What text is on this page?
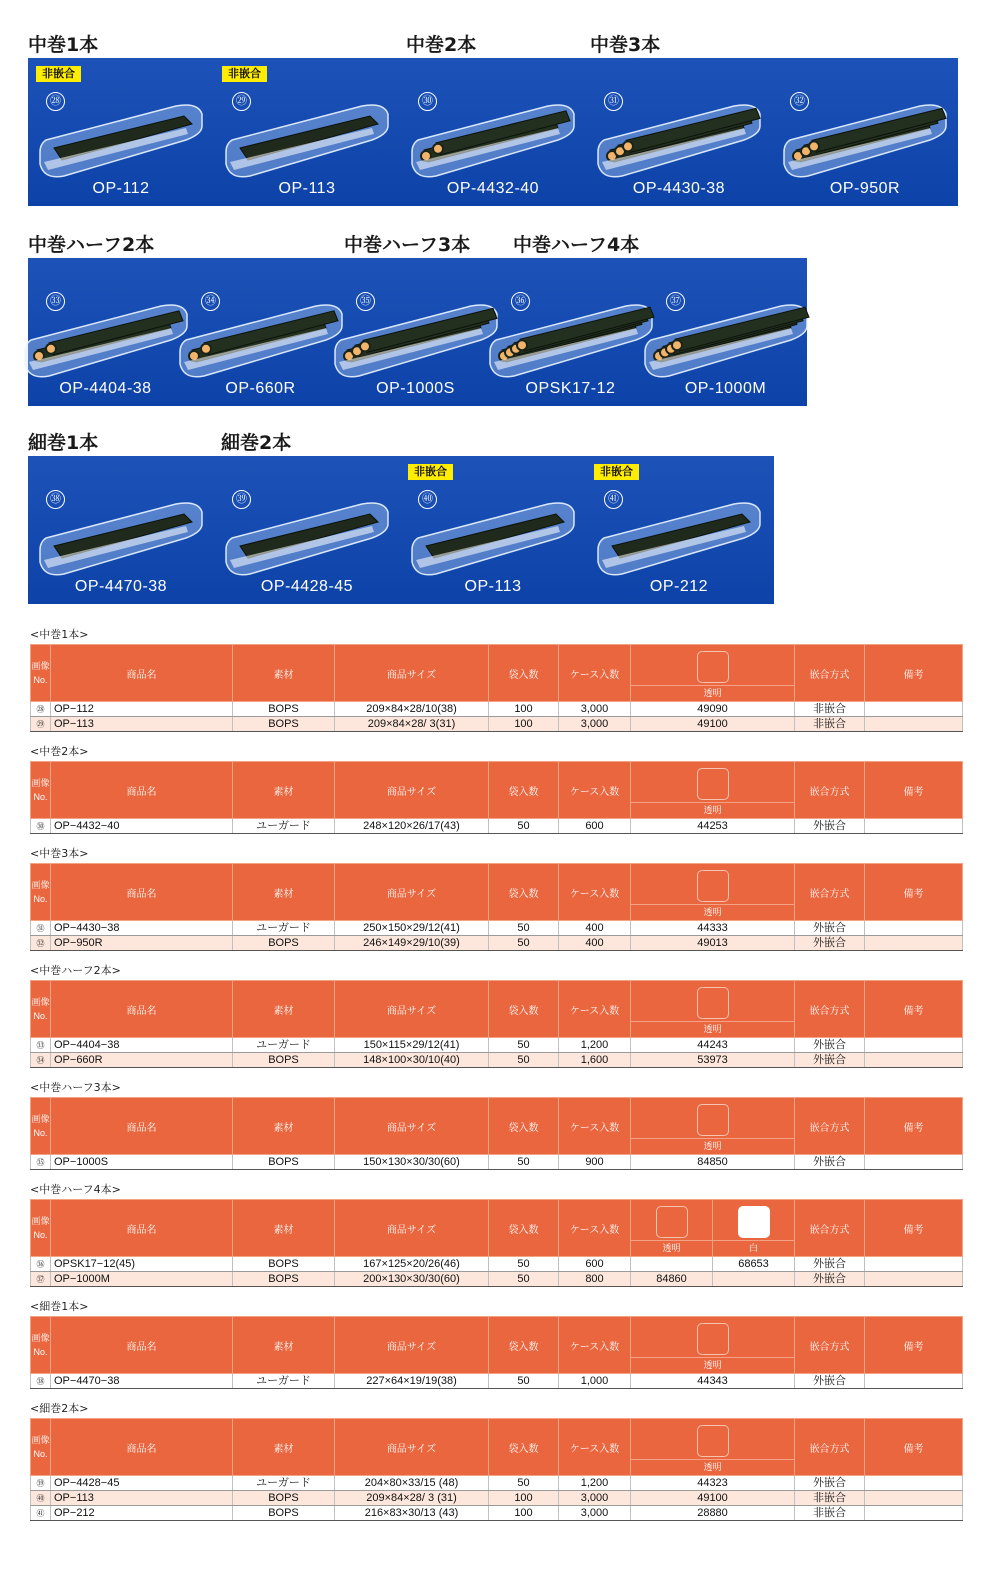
中巻1本	中巻2本	中巻3本
非嵌合
㉘
OP-112
非嵌合
㉙
OP-113
㉚
OP-4432-40
㉛
OP-4430-38
㉜
OP-950R
中巻ハーフ2本	中巻ハーフ3本 中巻ハーフ4本
㉝
OP-4404-38
㉞
OP-660R
㉟
OP-1000S
㊱
OPSK17-12
㊲
OP-1000M
細巻1本	細巻2本
㊳
OP-4470-38
㊴
OP-4428-45
非嵌合
㊵
OP-113
非嵌合
㊶
OP-212
<中巻1本>
画像
No.	商品名	素材	商品サイズ	袋入数	ケース入数	透明	嵌合方式	備考
㉘	OP−112	BOPS	209×84×28/10(38)	100	3,000	49090	非嵌合	
㉙	OP−113	BOPS	209×84×28/ 3(31)	100	3,000	49100	非嵌合	
<中巻2本>
画像
No.	商品名	素材	商品サイズ	袋入数	ケース入数	透明	嵌合方式	備考
㉚	OP−4432−40	ユーガード	248×120×26/17(43)	50	600	44253	外嵌合	
<中巻3本>
画像
No.	商品名	素材	商品サイズ	袋入数	ケース入数	透明	嵌合方式	備考
㉛	OP−4430−38	ユーガード	250×150×29/12(41)	50	400	44333	外嵌合	
㉜	OP−950R	BOPS	246×149×29/10(39)	50	400	49013	外嵌合	
<中巻ハーフ2本>
画像
No.	商品名	素材	商品サイズ	袋入数	ケース入数	透明	嵌合方式	備考
㉝	OP−4404−38	ユーガード	150×115×29/12(41)	50	1,200	44243	外嵌合	
㉞	OP−660R	BOPS	148×100×30/10(40)	50	1,600	53973	外嵌合	
<中巻ハーフ3本>
画像
No.	商品名	素材	商品サイズ	袋入数	ケース入数	透明	嵌合方式	備考
㉟	OP−1000S	BOPS	150×130×30/30(60)	50	900	84850	外嵌合	
<中巻ハーフ4本>
画像
No.	商品名	素材	商品サイズ	袋入数	ケース入数	透明	白	嵌合方式	備考
㊱	OPSK17−12(45)	BOPS	167×125×20/26(46)	50	600		68653	外嵌合	
㊲	OP−1000M	BOPS	200×130×30/30(60)	50	800	84860		外嵌合	
<細巻1本>
画像
No.	商品名	素材	商品サイズ	袋入数	ケース入数	透明	嵌合方式	備考
㊳	OP−4470−38	ユーガード	227×64×19/19(38)	50	1,000	44343	外嵌合	
<細巻2本>
画像
No.	商品名	素材	商品サイズ	袋入数	ケース入数	透明	嵌合方式	備考
㊴	OP−4428−45	ユーガード	204×80×33/15 (48)	50	1,200	44323	外嵌合	
㊵	OP−113	BOPS	209×84×28/ 3 (31)	100	3,000	49100	非嵌合	
㊶	OP−212	BOPS	216×83×30/13 (43)	100	3,000	28880	非嵌合	
